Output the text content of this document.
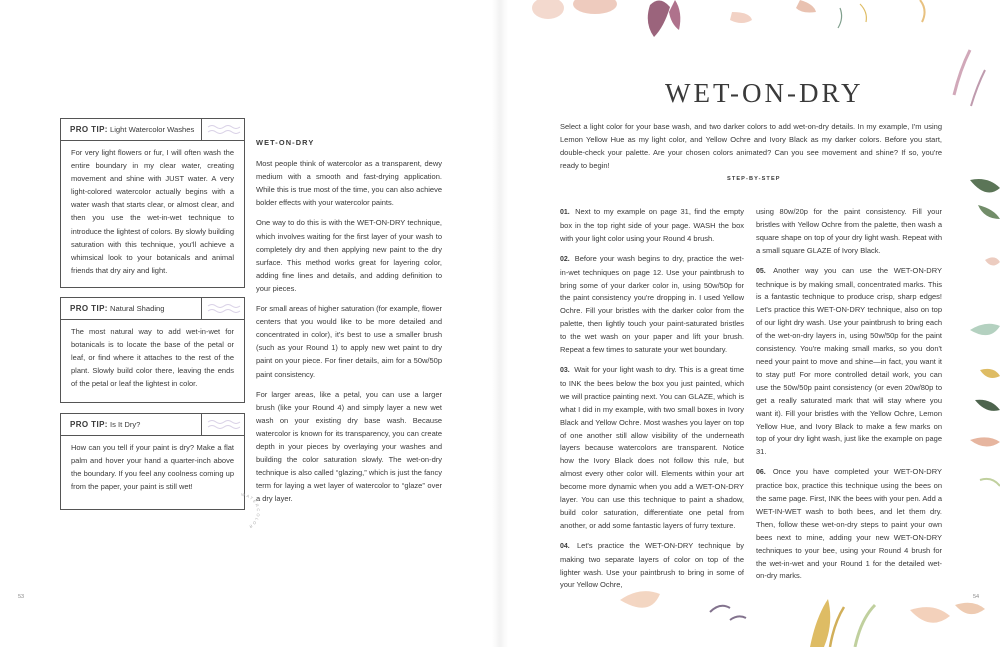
PRO TIP: Light Watercolor Washes
For very light flowers or fur, I will often wash the entire boundary in my clear water, creating movement and shine with JUST water. A very light-colored watercolor actually begins with a water wash that starts clear, or almost clear, and then you use the wet-in-wet technique to introduce the lightest of colors. By slowly building saturation with this technique, you'll achieve a whimsical look to your botanicals and animal friends that dry airy and light.
PRO TIP: Natural Shading
The most natural way to add wet-in-wet for botanicals is to locate the base of the petal or leaf, or find where it attaches to the rest of the plant. Slowly build color there, leaving the ends of the petal or leaf the lightest in color.
PRO TIP: Is It Dry?
How can you tell if your paint is dry? Make a flat palm and hover your hand a quarter-inch above the boundary. If you feel any coolness coming up from the paper, your paint is still wet!
WATERCOLOR
WET-ON-DRY

Most people think of watercolor as a transparent, dewy medium with a smooth and fast-drying application. While this is true most of the time, you can also achieve bolder effects with your watercolor paints.

One way to do this is with the WET-ON-DRY technique, which involves waiting for the first layer of your wash to completely dry and then applying new paint to the dry surface. This method works great for layering color, adding fine lines and details, and adding definition to your pieces.

For small areas of higher saturation (for example, flower centers that you would like to be more detailed and concentrated in color), it's best to use a smaller brush (such as your Round 1) to apply new wet paint to dry paint on your piece. For finer details, aim for a 50w/50p paint consistency.

For larger areas, like a petal, you can use a larger brush (like your Round 4) and simply layer a new wet wash on your existing dry base wash. Because watercolor is known for its transparency, you can create depth in your pieces by overlaying your washes and building the color saturation slowly. The wet-on-dry technique is also called “glazing,” which is just the fancy term for laying a wet layer of watercolor to “glaze” over a dry layer.

53
WET-ON-DRY
Select a light color for your base wash, and two darker colors to add wet-on-dry details. In my example, I'm using Lemon Yellow Hue as my light color, and Yellow Ochre and Ivory Black as my darker colors. Before you start, double-check your palette. Are your chosen colors animated? Can you see movement and shine? If so, you're ready to begin!
STEP-BY-STEP

01. Next to my example on page 31, find the empty box in the top right side of your page. WASH the box with your light color using your Round 4 brush.

02. Before your wash begins to dry, practice the wet-in-wet techniques on page 12. Use your paintbrush to bring some of your darker color in, using 50w/50p for the paint consistency you're dropping in. I used Yellow Ochre. Fill your bristles with the darker color from the palette, then lightly touch your paint-saturated bristles to the wet wash on your paper and lift your brush. Repeat a few times to saturate your wet boundary.

03. Wait for your light wash to dry. This is a great time to INK the bees below the box you just painted, which we will practice painting next. You can GLAZE, which is what I did in my example, with two small boxes in Ivory Black and Yellow Ochre. Most washes you layer on top of one another still allow visibility of the underneath layers because watercolors are transparent. Notice how the Ivory Black does not follow this rule, but almost every other color will. Elements within your art become more dynamic when you add a WET-ON-DRY layer. You can use this technique to paint a shadow, build color saturation, differentiate one petal from another, or add some fantastic layers of furry texture.

04. Let's practice the WET-ON-DRY technique by making two separate layers of color on top of the lighter wash. Use your paintbrush to bring in some of your Yellow Ochre,

using 80w/20p for the paint consistency. Fill your bristles with Yellow Ochre from the palette, then wash a square shape on top of your dry light wash. Repeat with a small square GLAZE of Ivory Black.

05. Another way you can use the WET-ON-DRY technique is by making small, concentrated marks. This is a fantastic technique to produce crisp, sharp edges! Let's practice this WET-ON-DRY technique, also on top of our light dry wash. Use your paintbrush to bring each of the wet-on-dry layers in, using 50w/50p for the paint consistency. You're making small marks, so you don't need your paint to move and shine—in fact, you want it to stay put! For more controlled detail work, you can use the 50w/50p paint consistency (or even 20w/80p to get a really saturated mark that will stay where you want it). Fill your bristles with the Yellow Ochre, Lemon Yellow Hue, and Ivory Black to make a few marks on top of your dry light wash, just like the example on page 31.

06. Once you have completed your WET-ON-DRY practice box, practice this technique using the bees on the same page. First, INK the bees with your pen. Add a WET-IN-WET wash to both bees, and let them dry. Then, follow these wet-on-dry steps to paint your own bees next to mine, adding your new WET-ON-DRY techniques to your bee, using your Round 4 brush for the wet-in-wet and your Round 1 for the detailed wet-on-dry marks.

54
